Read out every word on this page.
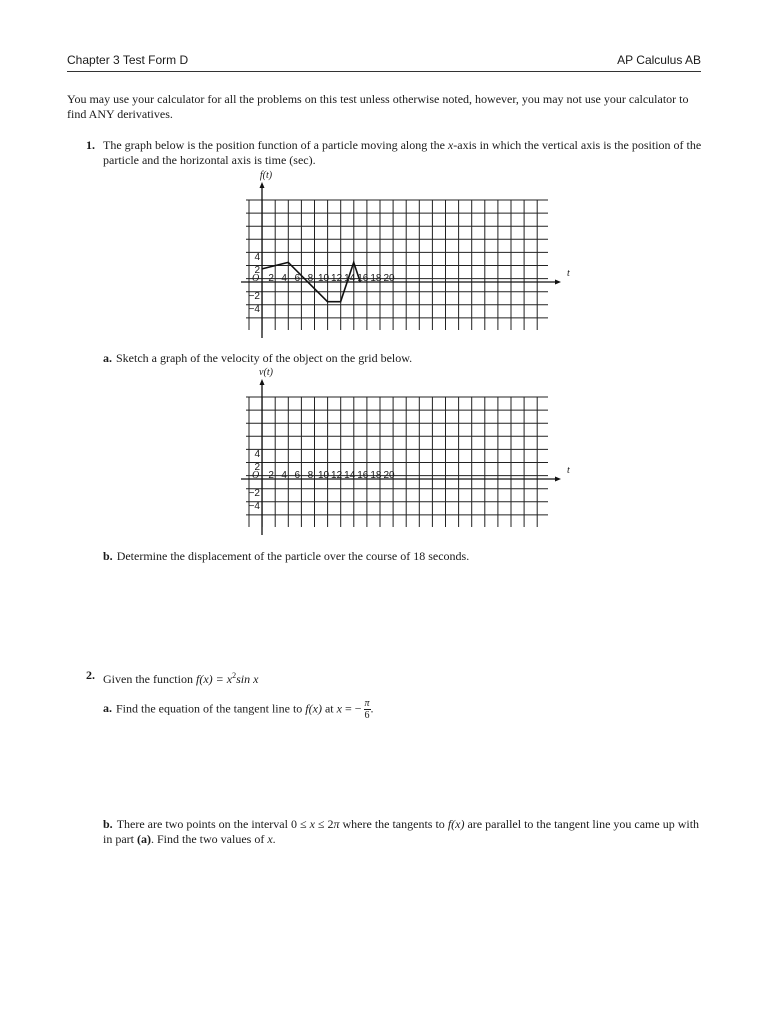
Chapter 3 Test Form D	AP Calculus AB
You may use your calculator for all the problems on this test unless otherwise noted, however, you may not use your calculator to find ANY derivatives.
1. The graph below is the position function of a particle moving along the x-axis in which the vertical axis is the position of the particle and the horizontal axis is time (sec).
f(t)
t
O 2 4 6 8 10 12 14 16 18 20
4
2
−2
−4
a. Sketch a graph of the velocity of the object on the grid below.
v(t)
t
O 2 4 6 8 10 12 14 16 18 20
4
2
−2
−4
b. Determine the displacement of the particle over the course of 18 seconds.
2. Given the function $f(x) = x^2\sin$ x
a. Find the equation of the tangent line to f(x) at x = − $\frac{\pi}{6}$ .
b. There are two points on the interval 0 ≤ x ≤ 2π where the tangents to f(x) are parallel to the tangent line you came up with in part (a). Find the two values of x.
